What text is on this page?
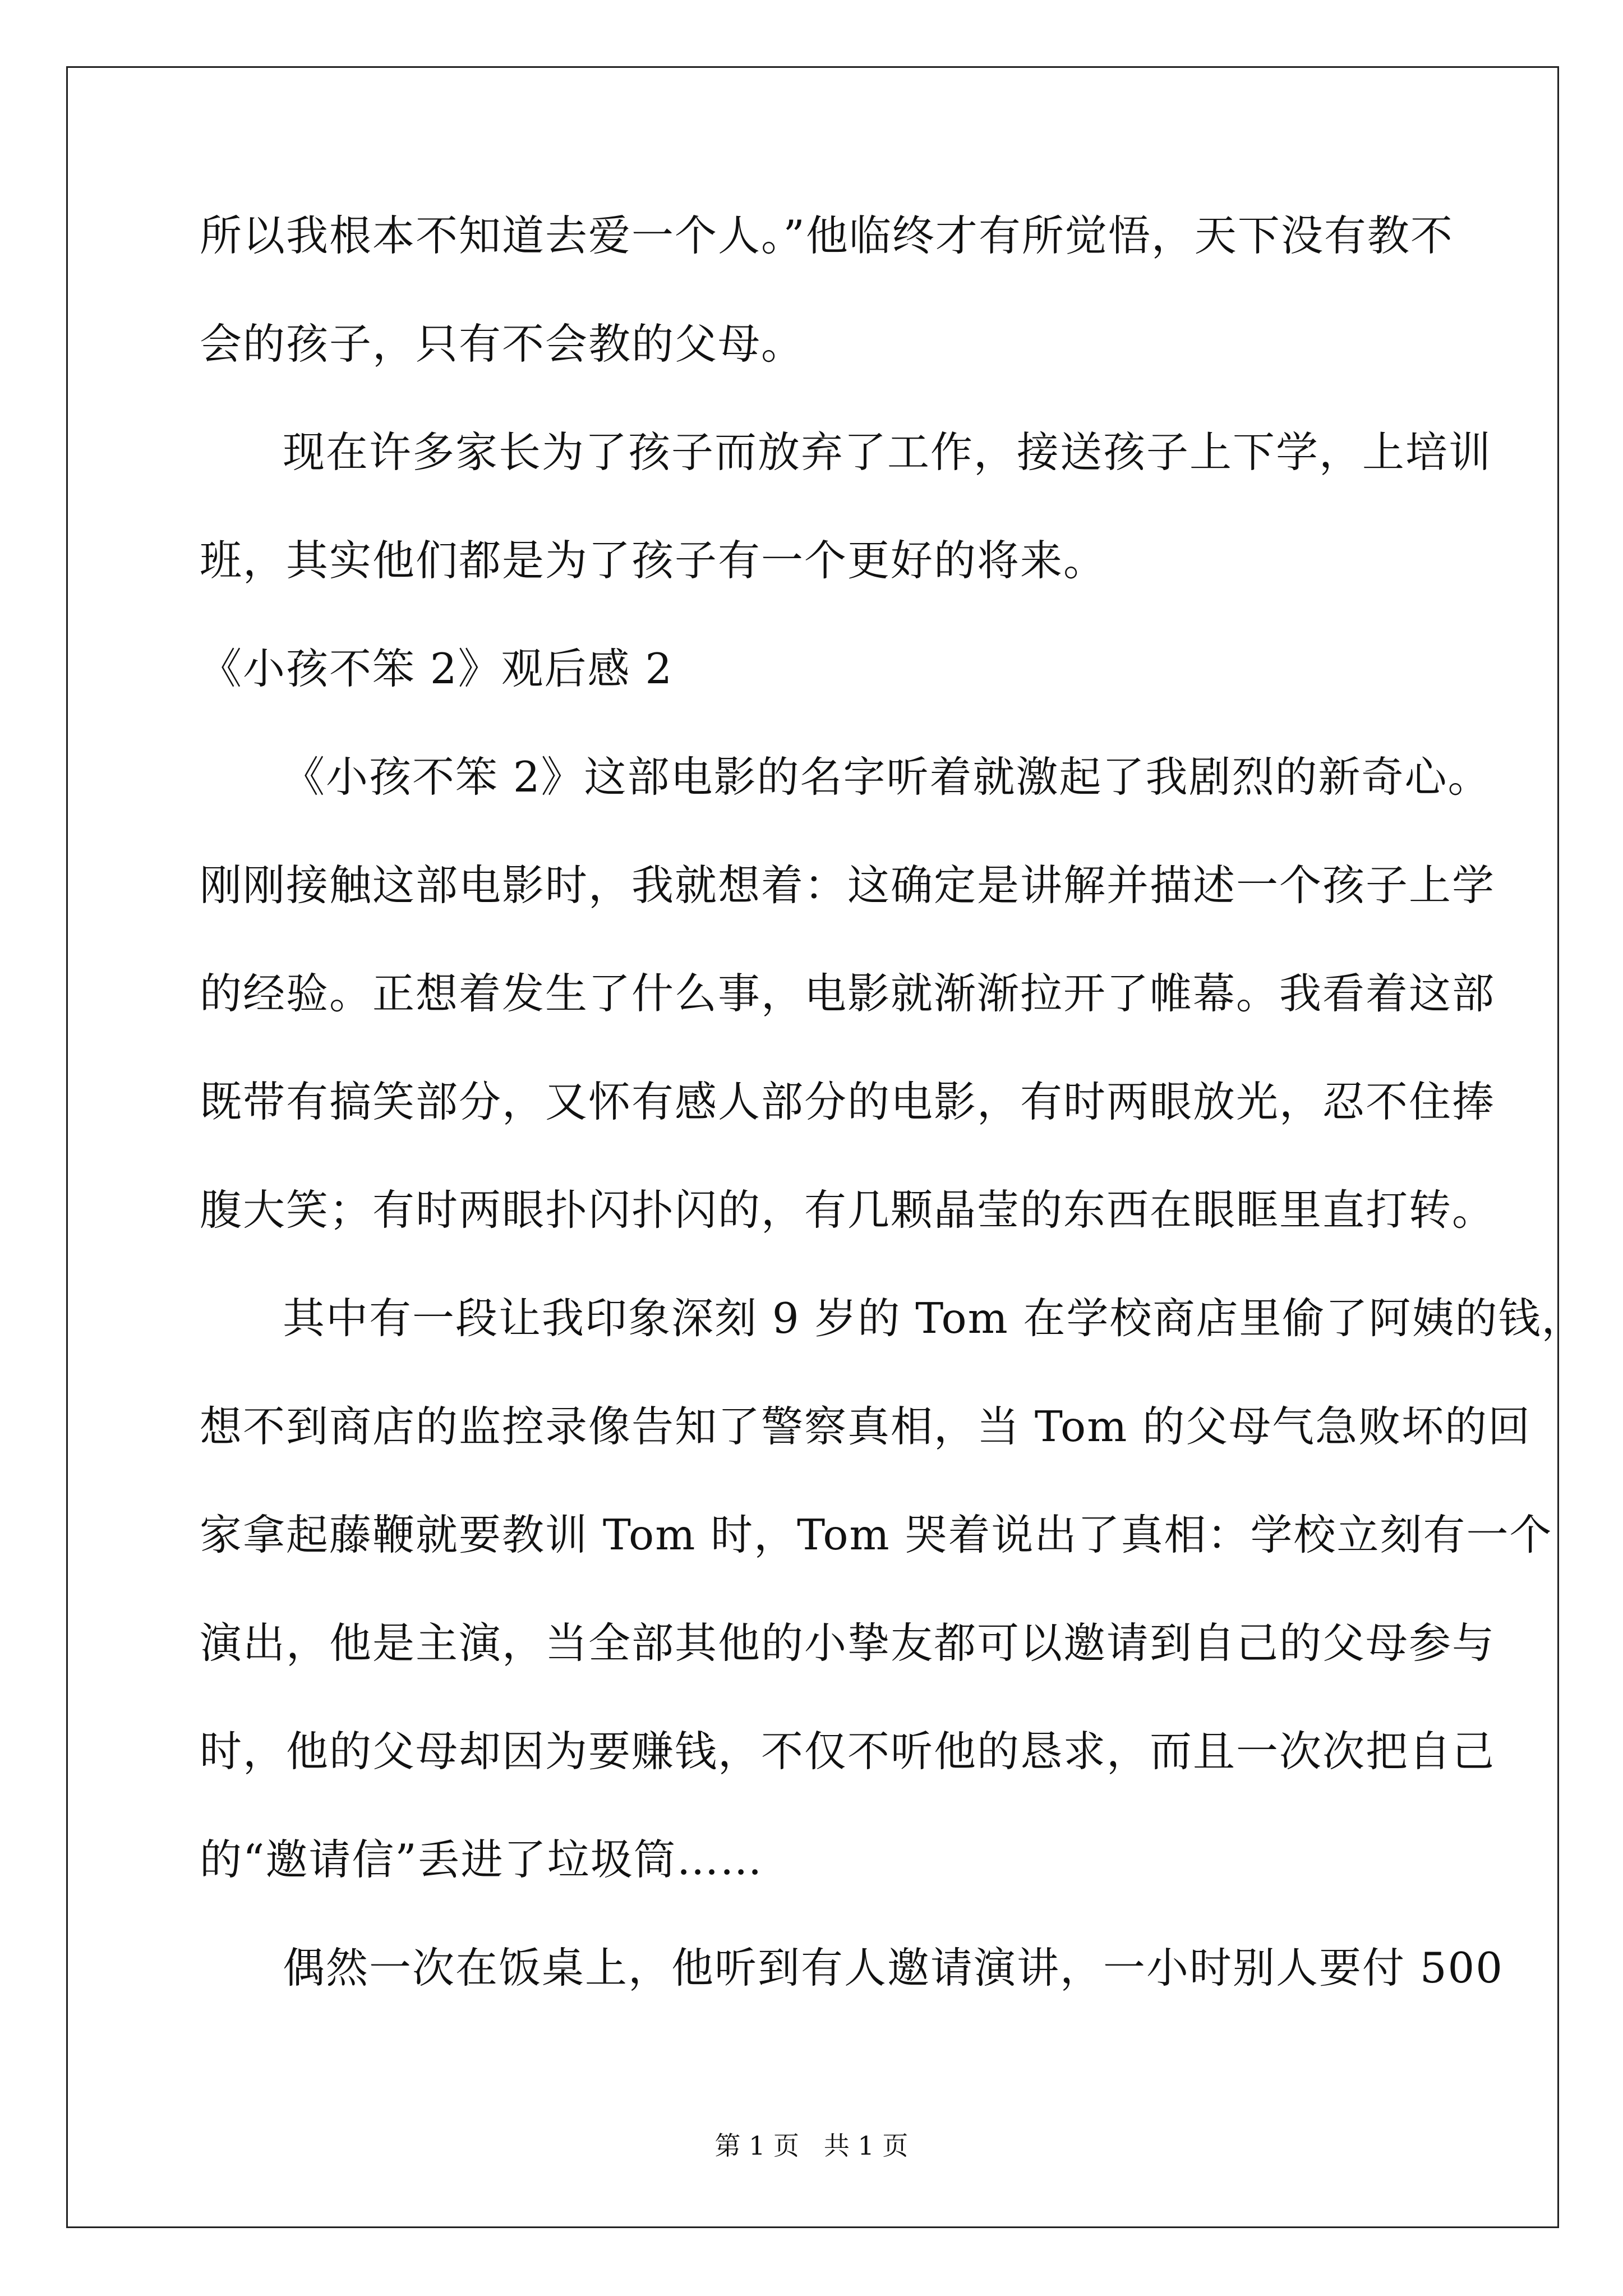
所以我根本不知道去爱一个人。”他临终才有所觉悟，天下没有教不
会的孩子，只有不会教的父母。
现在许多家长为了孩子而放弃了工作，接送孩子上下学，上培训
班，其实他们都是为了孩子有一个更好的将来。
《小孩不笨 2》观后感 2
《小孩不笨 2》这部电影的名字听着就激起了我剧烈的新奇心。
刚刚接触这部电影时，我就想着：这确定是讲解并描述一个孩子上学
的经验。正想着发生了什么事，电影就渐渐拉开了帷幕。我看着这部
既带有搞笑部分，又怀有感人部分的电影，有时两眼放光，忍不住捧
腹大笑；有时两眼扑闪扑闪的，有几颗晶莹的东西在眼眶里直打转。
其中有一段让我印象深刻 9 岁的 Tom 在学校商店里偷了阿姨的钱，
想不到商店的监控录像告知了警察真相，当 Tom 的父母气急败坏的回
家拿起藤鞭就要教训 Tom 时，Tom 哭着说出了真相：学校立刻有一个
演出，他是主演，当全部其他的小挚友都可以邀请到自己的父母参与
时，他的父母却因为要赚钱，不仅不听他的恳求，而且一次次把自己
的“邀请信”丢进了垃圾筒……
偶然一次在饭桌上，他听到有人邀请演讲，一小时别人要付 500
第 1 页   共 1 页
